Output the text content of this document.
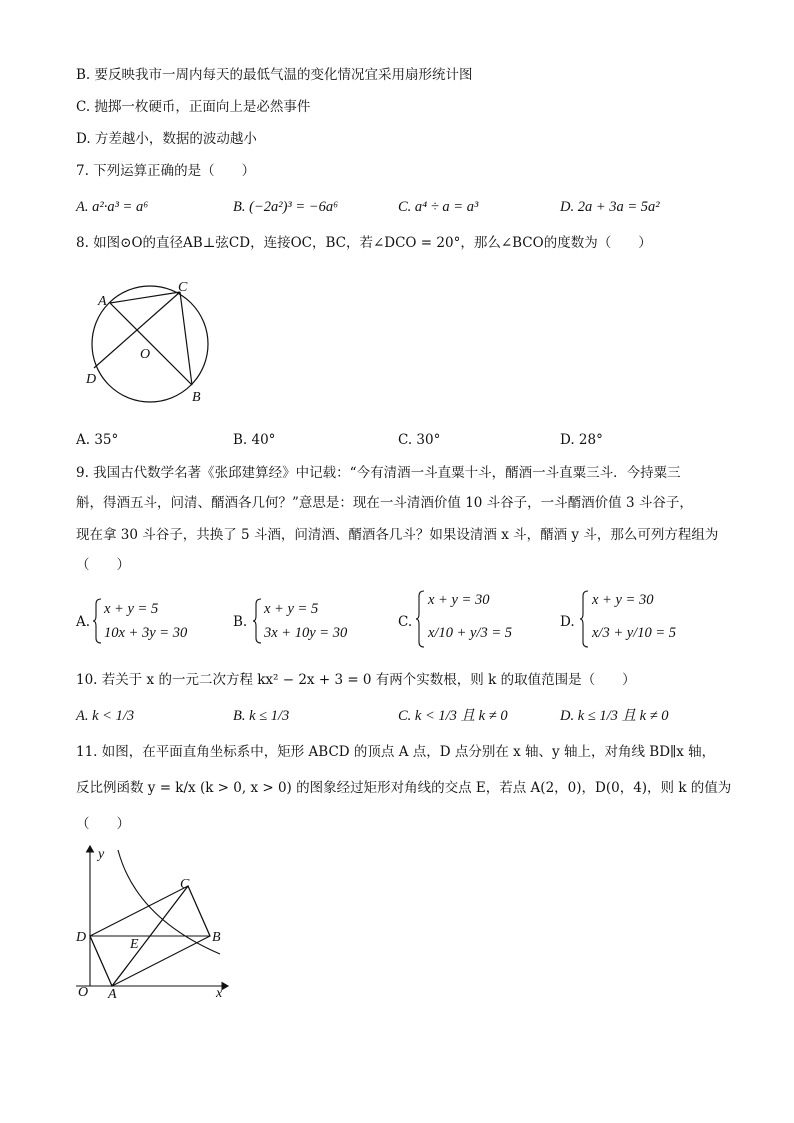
B. 要反映我市一周内每天的最低气温的变化情况宜采用扇形统计图
C. 抛掷一枚硬币，正面向上是必然事件
D. 方差越小，数据的波动越小
7. 下列运算正确的是（　　）
A. a²·a³ = a⁶	B. (−2a²)³ = −6a⁶	C. a⁴ ÷ a = a³	D. 2a + 3a = 5a²
8. 如图⊙O的直径AB⊥弦CD，连接OC，BC，若∠DCO = 20°，那么∠BCO的度数为（　　）
A
C
O
D
B
A. 35°	B. 40°	C. 30°	D. 28°
9. 我国古代数学名著《张邱建算经》中记载：“今有清酒一斗直粟十斗，醑酒一斗直粟三斗．今持粟三
斛，得酒五斗，问清、醑酒各几何？”意思是：现在一斗清酒价值 10 斗谷子，一斗醑酒价值 3 斗谷子，
现在拿 30 斗谷子，共换了 5 斗酒，问清酒、醑酒各几斗？如果设清酒 x 斗，醑酒 y 斗，那么可列方程组为
（　　）
A.
x + y = 5
10x + 3y = 30
B.
x + y = 5
3x + 10y = 30
C.
x + y = 30
x/10 + y/3 = 5
D.
x + y = 30
x/3 + y/10 = 5
10. 若关于 x 的一元二次方程 kx² − 2x + 3 = 0 有两个实数根，则 k 的取值范围是（　　）
A. k < 1/3	B. k ≤ 1/3	C. k < 1/3 且 k ≠ 0	D. k ≤ 1/3 且 k ≠ 0
11. 如图，在平面直角坐标系中，矩形 ABCD 的顶点 A 点，D 点分别在 x 轴、y 轴上，对角线 BD∥x 轴，
反比例函数 y = k/x (k > 0, x > 0) 的图象经过矩形对角线的交点 E，若点 A(2，0)，D(0，4)，则 k 的值为
（　　）
y
x
O A
D	B
C
E
